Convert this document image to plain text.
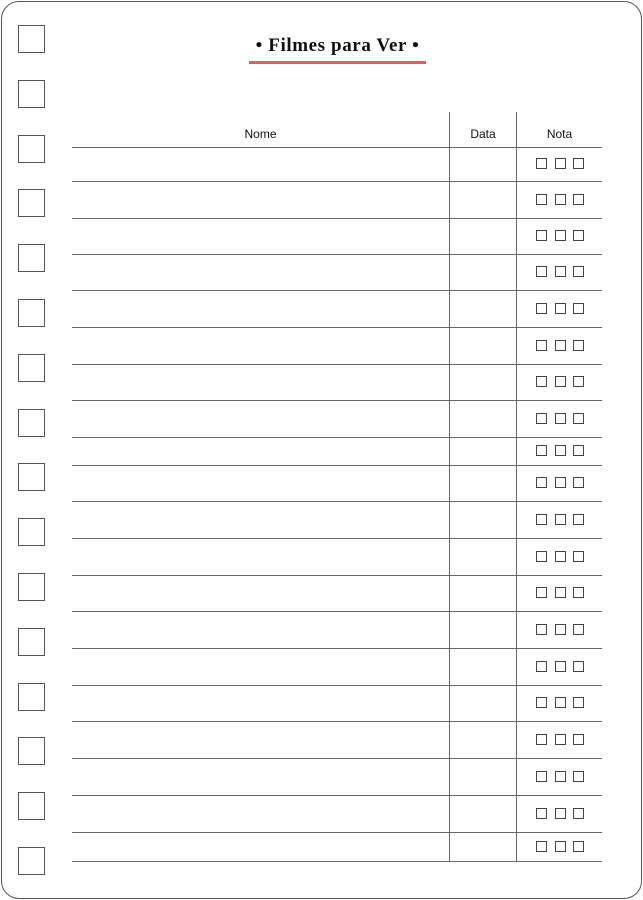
• Filmes para Ver •
Nome	Data	Nota
